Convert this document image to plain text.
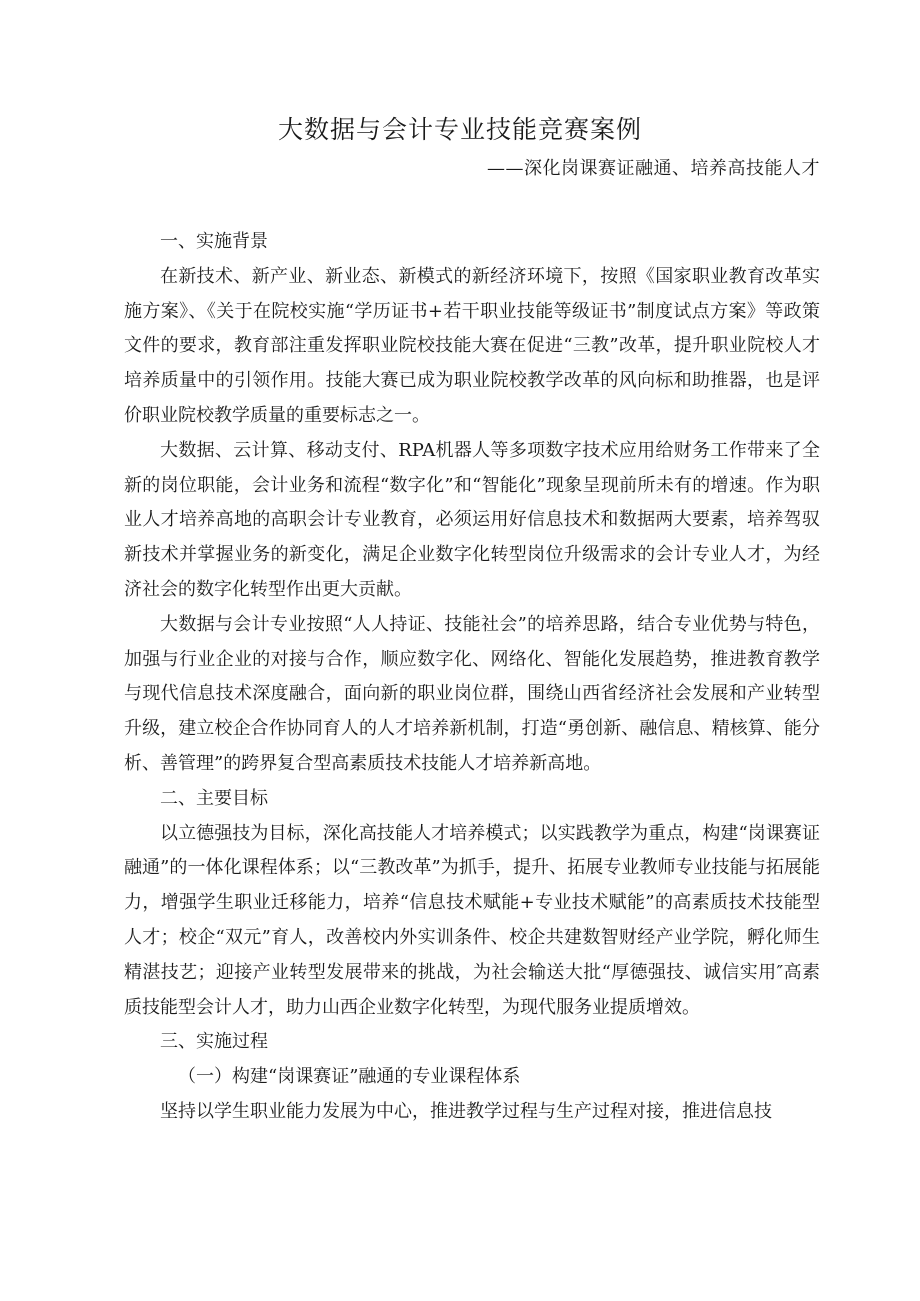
大数据与会计专业技能竞赛案例
——深化岗课赛证融通、培养高技能人才

一、实施背景

在新技术、新产业、新业态、新模式的新经济环境下，按照《国家职业教育改革实施方案》、《关于在院校实施“学历证书+若干职业技能等级证书”制度试点方案》等政策文件的要求，教育部注重发挥职业院校技能大赛在促进“三教”改革，提升职业院校人才培养质量中的引领作用。技能大赛已成为职业院校教学改革的风向标和助推器，也是评价职业院校教学质量的重要标志之一。

大数据、云计算、移动支付、RPA机器人等多项数字技术应用给财务工作带来了全新的岗位职能，会计业务和流程“数字化”和“智能化”现象呈现前所未有的增速。作为职业人才培养高地的高职会计专业教育，必须运用好信息技术和数据两大要素，培养驾驭新技术并掌握业务的新变化，满足企业数字化转型岗位升级需求的会计专业人才，为经济社会的数字化转型作出更大贡献。

大数据与会计专业按照“人人持证、技能社会”的培养思路，结合专业优势与特色，加强与行业企业的对接与合作，顺应数字化、网络化、智能化发展趋势，推进教育教学与现代信息技术深度融合，面向新的职业岗位群，围绕山西省经济社会发展和产业转型升级，建立校企合作协同育人的人才培养新机制，打造“勇创新、融信息、精核算、能分析、善管理”的跨界复合型高素质技术技能人才培养新高地。

二、主要目标

以立德强技为目标，深化高技能人才培养模式；以实践教学为重点，构建“岗课赛证融通”的一体化课程体系；以“三教改革”为抓手，提升、拓展专业教师专业技能与拓展能力，增强学生职业迁移能力，培养“信息技术赋能+专业技术赋能”的高素质技术技能型人才；校企“双元”育人，改善校内外实训条件、校企共建数智财经产业学院，孵化师生精湛技艺；迎接产业转型发展带来的挑战，为社会输送大批“厚德强技、诚信实用″高素质技能型会计人才，助力山西企业数字化转型，为现代服务业提质增效。

三、实施过程

（一）构建“岗课赛证”融通的专业课程体系

坚持以学生职业能力发展为中心，推进教学过程与生产过程对接，推进信息技
